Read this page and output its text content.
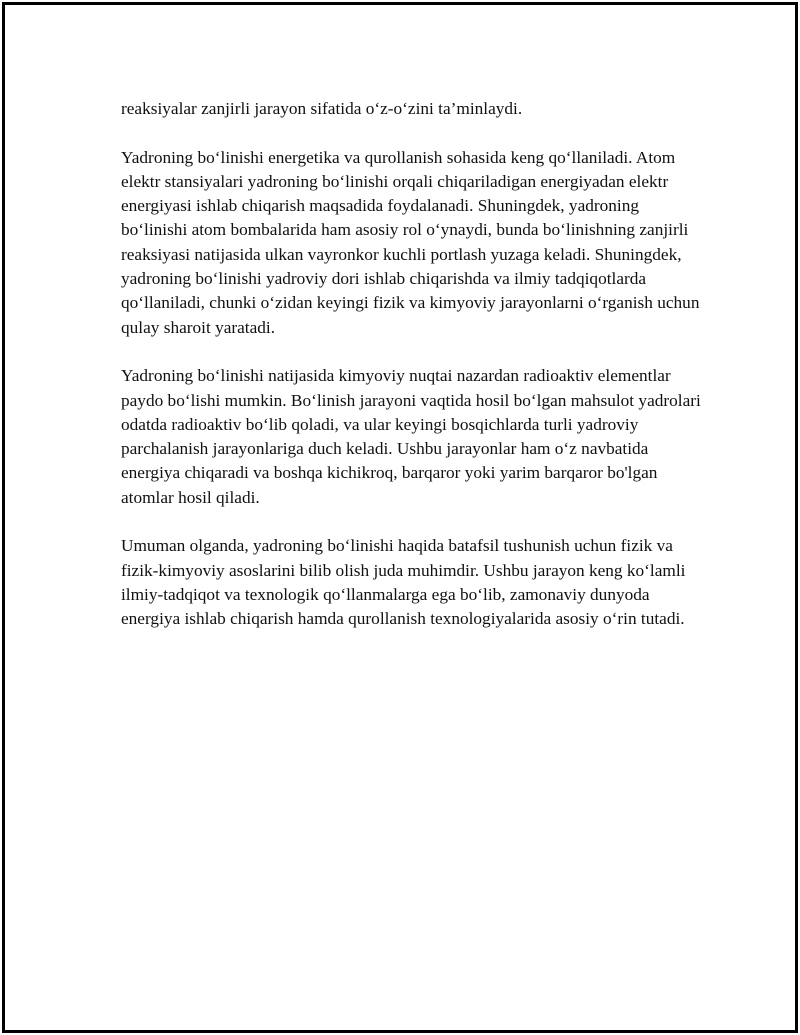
reaksiyalar zanjirli jarayon sifatida o‘z-o‘zini ta’minlaydi.

Yadroning bo‘linishi energetika va qurollanish sohasida keng qo‘llaniladi. Atom elektr stansiyalari yadroning bo‘linishi orqali chiqariladigan energiyadan elektr energiyasi ishlab chiqarish maqsadida foydalanadi. Shuningdek, yadroning bo‘linishi atom bombalarida ham asosiy rol o‘ynaydi, bunda bo‘linishning zanjirli reaksiyasi natijasida ulkan vayronkor kuchli portlash yuzaga keladi. Shuningdek, yadroning bo‘linishi yadroviy dori ishlab chiqarishda va ilmiy tadqiqotlarda qo‘llaniladi, chunki o‘zidan keyingi fizik va kimyoviy jarayonlarni o‘rganish uchun qulay sharoit yaratadi.

Yadroning bo‘linishi natijasida kimyoviy nuqtai nazardan radioaktiv elementlar paydo bo‘lishi mumkin. Bo‘linish jarayoni vaqtida hosil bo‘lgan mahsulot yadrolari odatda radioaktiv bo‘lib qoladi, va ular keyingi bosqichlarda turli yadroviy parchalanish jarayonlariga duch keladi. Ushbu jarayonlar ham o‘z navbatida energiya chiqaradi va boshqa kichikroq, barqaror yoki yarim barqaror bo'lgan atomlar hosil qiladi.

Umuman olganda, yadroning bo‘linishi haqida batafsil tushunish uchun fizik va fizik-kimyoviy asoslarini bilib olish juda muhimdir. Ushbu jarayon keng ko‘lamli ilmiy-tadqiqot va texnologik qo‘llanmalarga ega bo‘lib, zamonaviy dunyoda energiya ishlab chiqarish hamda qurollanish texnologiyalarida asosiy o‘rin tutadi.
